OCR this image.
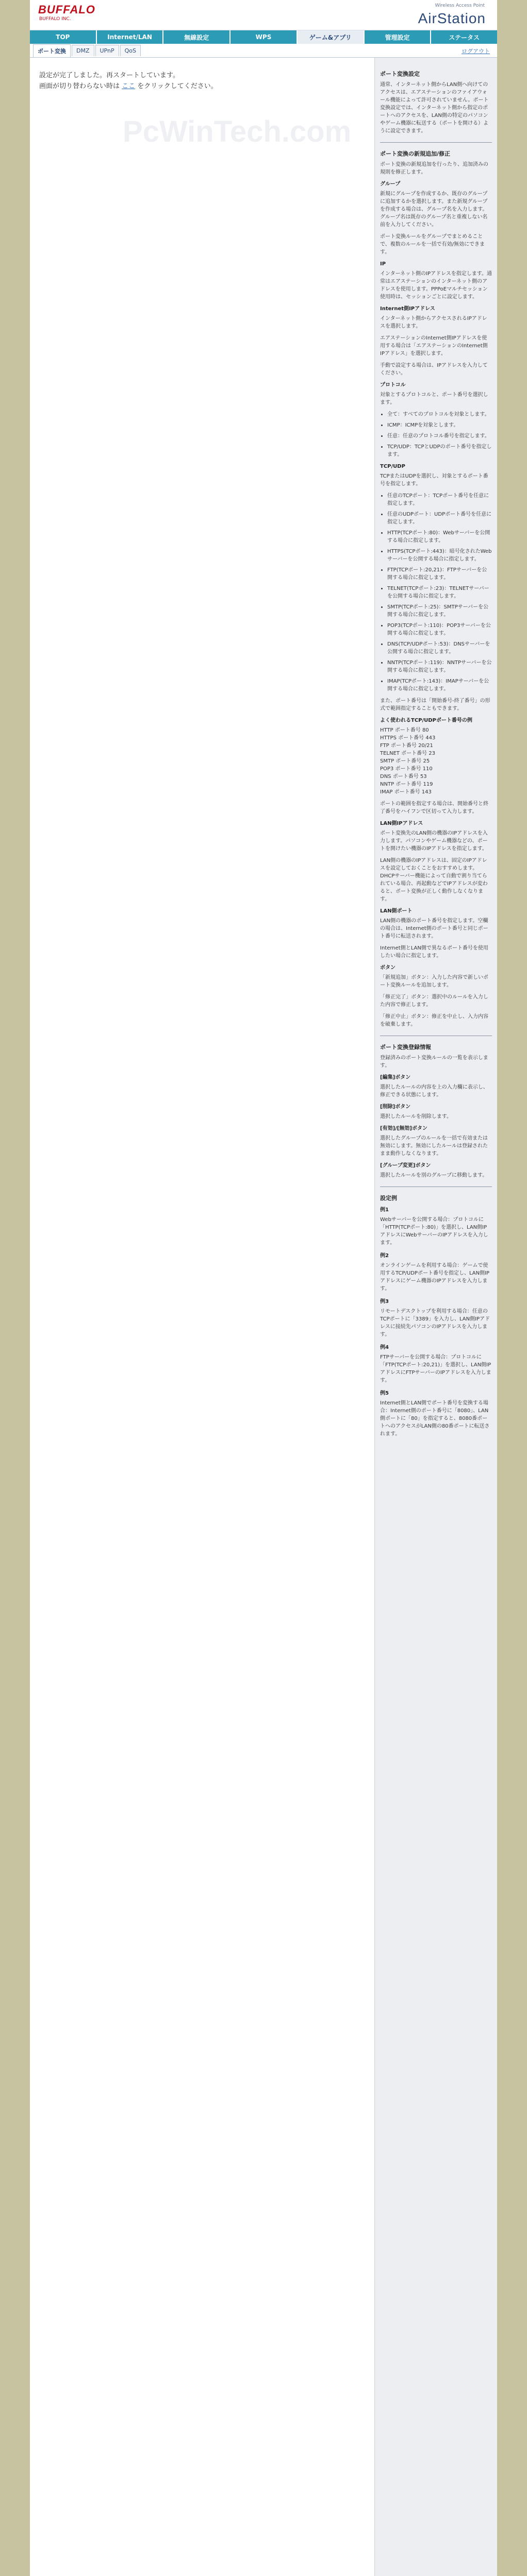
BUFFALO
BUFFALO INC.
Wireless Access Point
AirStation
TOP	Internet/LAN	無線設定	WPS	ゲーム&アプリ	管理設定	ステータス
ポート変換	DMZ	UPnP	QoS	ログアウト
設定が完了しました。再スタートしています。
画面が切り替わらない時は ここ をクリックしてください。
PcWinTech.com
ポート変換設定

通常、インターネット側からLAN側へ向けてのアクセスは、エアステーションのファイアウォール機能によって許可されていません。ポート変換設定では、インターネット側から指定のポートへのアクセスを、LAN側の特定のパソコンやゲーム機器に転送する（ポートを開ける）ように設定できます。

ポート変換の新規追加/修正

ポート変換の新規追加を行ったり、追加済みの規則を修正します。

グループ

新規にグループを作成するか、既存のグループに追加するかを選択します。また新規グループを作成する場合は、グループ名を入力します。グループ名は既存のグループ名と重複しない名前を入力してください。

ポート変換ルールをグループでまとめることで、複数のルールを一括で有効/無効にできます。

IP

インターネット側のIPアドレスを指定します。通常はエアステーションのインターネット側のアドレスを使用します。PPPoEマルチセッション使用時は、セッションごとに設定します。

Internet側IPアドレス

インターネット側からアクセスされるIPアドレスを選択します。

エアステーションのInternet側IPアドレスを使用する場合は「エアステーションのInternet側IPアドレス」を選択します。

手動で設定する場合は、IPアドレスを入力してください。

プロトコル

対象とするプロトコルと、ポート番号を選択します。

• 全て：すべてのプロトコルを対象とします。
• ICMP：ICMPを対象とします。
• 任意：任意のプロトコル番号を指定します。
• TCP/UDP：TCPとUDPのポート番号を指定します。
TCP/UDP

TCPまたはUDPを選択し、対象とするポート番号を指定します。

• 任意のTCPポート：TCPポート番号を任意に指定します。
• 任意のUDPポート：UDPポート番号を任意に指定します。
• HTTP(TCPポート:80)：Webサーバーを公開する場合に指定します。
• HTTPS(TCPポート:443)：暗号化されたWebサーバーを公開する場合に指定します。
• FTP(TCPポート:20,21)：FTPサーバーを公開する場合に指定します。
• TELNET(TCPポート:23)：TELNETサーバーを公開する場合に指定します。
• SMTP(TCPポート:25)：SMTPサーバーを公開する場合に指定します。
• POP3(TCPポート:110)：POP3サーバーを公開する場合に指定します。
• DNS(TCP/UDPポート:53)：DNSサーバーを公開する場合に指定します。
• NNTP(TCPポート:119)：NNTPサーバーを公開する場合に指定します。
• IMAP(TCPポート:143)：IMAPサーバーを公開する場合に指定します。

また、ポート番号は「開始番号-終了番号」の形式で範囲指定することもできます。

よく使われるTCP/UDPポート番号の例
HTTP ポート番号 80
HTTPS ポート番号 443
FTP ポート番号 20/21
TELNET ポート番号 23
SMTP ポート番号 25
POP3 ポート番号 110
DNS ポート番号 53
NNTP ポート番号 119
IMAP ポート番号 143

ポートの範囲を指定する場合は、開始番号と終了番号をハイフンで区切って入力します。

LAN側IPアドレス

ポート変換先のLAN側の機器のIPアドレスを入力します。パソコンやゲーム機器などの、ポートを開けたい機器のIPアドレスを指定します。

LAN側の機器のIPアドレスは、固定のIPアドレスを設定しておくことをおすすめします。DHCPサーバー機能によって自動で割り当てられている場合、再起動などでIPアドレスが変わると、ポート変換が正しく動作しなくなります。

LAN側ポート

LAN側の機器のポート番号を指定します。空欄の場合は、Internet側のポート番号と同じポート番号に転送されます。

Internet側とLAN側で異なるポート番号を使用したい場合に指定します。

ボタン

「新規追加」ボタン：入力した内容で新しいポート変換ルールを追加します。

「修正完了」ボタン：選択中のルールを入力した内容で修正します。

「修正中止」ボタン：修正を中止し、入力内容を破棄します。

ポート変換登録情報

登録済みのポート変換ルールの一覧を表示します。

[編集]ボタン

選択したルールの内容を上の入力欄に表示し、修正できる状態にします。

[削除]ボタン

選択したルールを削除します。

[有効]/[無効]ボタン

選択したグループのルールを一括で有効または無効にします。無効にしたルールは登録されたまま動作しなくなります。

[グループ変更]ボタン

選択したルールを別のグループに移動します。

設定例
例1

Webサーバーを公開する場合：プロトコルに「HTTP(TCPポート:80)」を選択し、LAN側IPアドレスにWebサーバーのIPアドレスを入力します。

例2

オンラインゲームを利用する場合：ゲームで使用するTCP/UDPポート番号を指定し、LAN側IPアドレスにゲーム機器のIPアドレスを入力します。

例3

リモートデスクトップを利用する場合：任意のTCPポートに「3389」を入力し、LAN側IPアドレスに接続先パソコンのIPアドレスを入力します。

例4

FTPサーバーを公開する場合：プロトコルに「FTP(TCPポート:20,21)」を選択し、LAN側IPアドレスにFTPサーバーのIPアドレスを入力します。

例5

Internet側とLAN側でポート番号を変換する場合：Internet側のポート番号に「8080」、LAN側ポートに「80」を指定すると、8080番ポートへのアクセスがLAN側の80番ポートに転送されます。
